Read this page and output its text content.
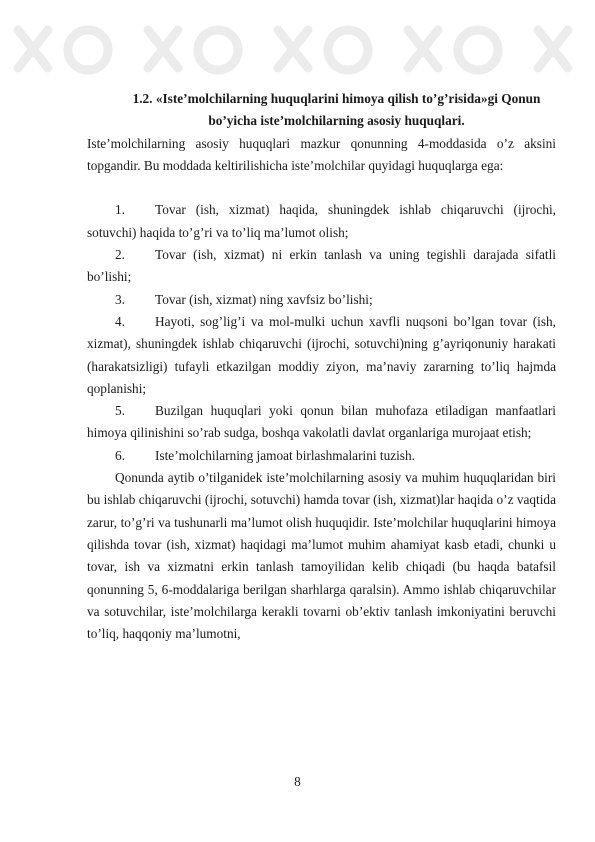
1.2. «Iste’molchilarning huquqlarini himoya qilish to’g’risida»gi Qonun

bo’yicha iste’molchilarning asosiy huquqlari.

Iste’molchilarning asosiy huquqlari mazkur qonunning 4-moddasida o’z aksini topgandir. Bu moddada keltirilishicha iste’molchilar quyidagi huquqlarga ega:

1. Tovar (ish, xizmat) haqida, shuningdek ishlab chiqaruvchi (ijrochi, sotuvchi) haqida to’g’ri va to’liq ma’lumot olish;

2. Tovar (ish, xizmat) ni erkin tanlash va uning tegishli darajada sifatli bo’lishi;

3. Tovar (ish, xizmat) ning xavfsiz bo’lishi;

4. Hayoti, sog’lig’i va mol-mulki uchun xavfli nuqsoni bo’lgan tovar (ish, xizmat), shuningdek ishlab chiqaruvchi (ijrochi, sotuvchi)ning g’ayriqonuniy harakati (harakatsizligi) tufayli etkazilgan moddiy ziyon, ma’naviy zararning to’liq hajmda qoplanishi;

5. Buzilgan huquqlari yoki qonun bilan muhofaza etiladigan manfaatlari himoya qilinishini so’rab sudga, boshqa vakolatli davlat organlariga murojaat etish;

6. Iste’molchilarning jamoat birlashmalarini tuzish.

Qonunda aytib o’tilganidek iste’molchilarning asosiy va muhim huquqlaridan biri bu ishlab chiqaruvchi (ijrochi, sotuvchi) hamda tovar (ish, xizmat)lar haqida o’z vaqtida zarur, to’g’ri va tushunarli ma’lumot olish huquqidir. Iste’molchilar huquqlarini himoya qilishda tovar (ish, xizmat) haqidagi ma’lumot muhim ahamiyat kasb etadi, chunki u tovar, ish va xizmatni erkin tanlash tamoyilidan kelib chiqadi (bu haqda batafsil qonunning 5, 6-moddalariga berilgan sharhlarga qaralsin). Ammo ishlab chiqaruvchilar va sotuvchilar, iste’molchilarga kerakli tovarni ob’ektiv tanlash imkoniyatini beruvchi to’liq, haqqoniy ma’lumotni,

8
